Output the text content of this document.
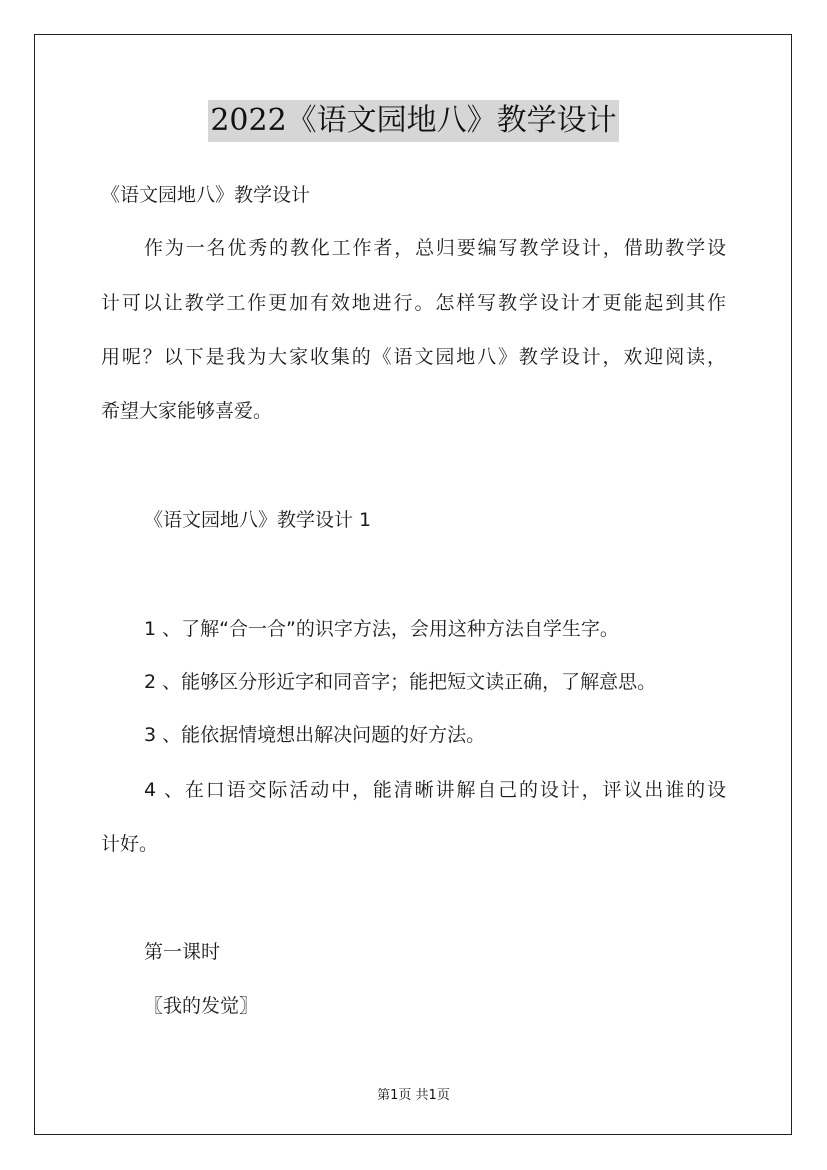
2022《语文园地八》教学设计
《语文园地八》教学设计
作为一名优秀的教化工作者，总归要编写教学设计，借助教学设
计可以让教学工作更加有效地进行。怎样写教学设计才更能起到其作
用呢？以下是我为大家收集的《语文园地八》教学设计，欢迎阅读，
希望大家能够喜爱。
《语文园地八》教学设计 1
1 、了解“合一合”的识字方法，会用这种方法自学生字。
2 、能够区分形近字和同音字；能把短文读正确，了解意思。
3 、能依据情境想出解决问题的好方法。
4 、在口语交际活动中，能清晰讲解自己的设计，评议出谁的设
计好。
第一课时
〖我的发觉〗
第1页 共1页
